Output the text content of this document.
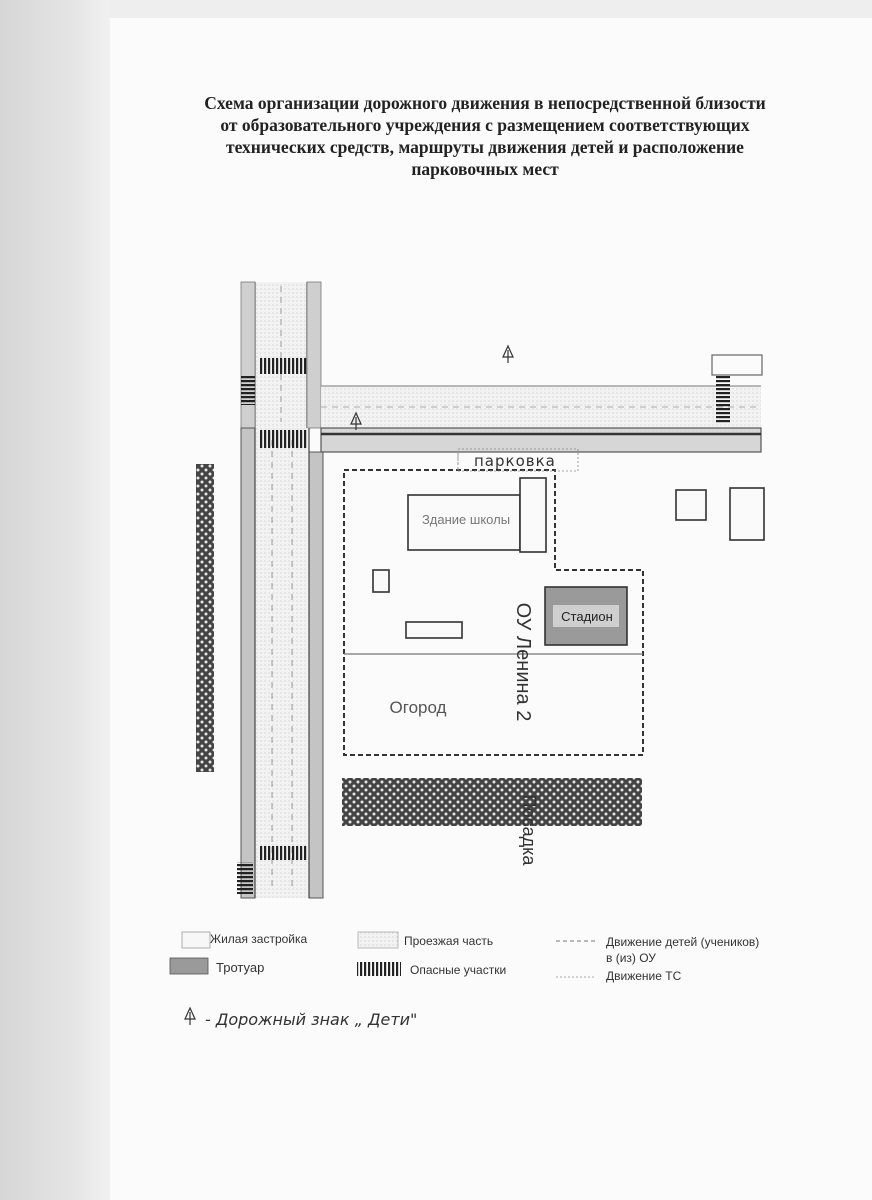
Схема организации дорожного движения в непосредственной близости
от образовательного учреждения с размещением соответствующих
технических средств, маршруты движения детей и расположение
парковочных мест
парковка
Здание школы
Стадион
Огород	ОУ Ленина 2
Посадка
Жилая застройка	Проезжая часть	Движение детей (учеников)
в (из) ОУ
Тротуар	Опасные участки	Движение ТС
- Дорожный знак „ Дети"
